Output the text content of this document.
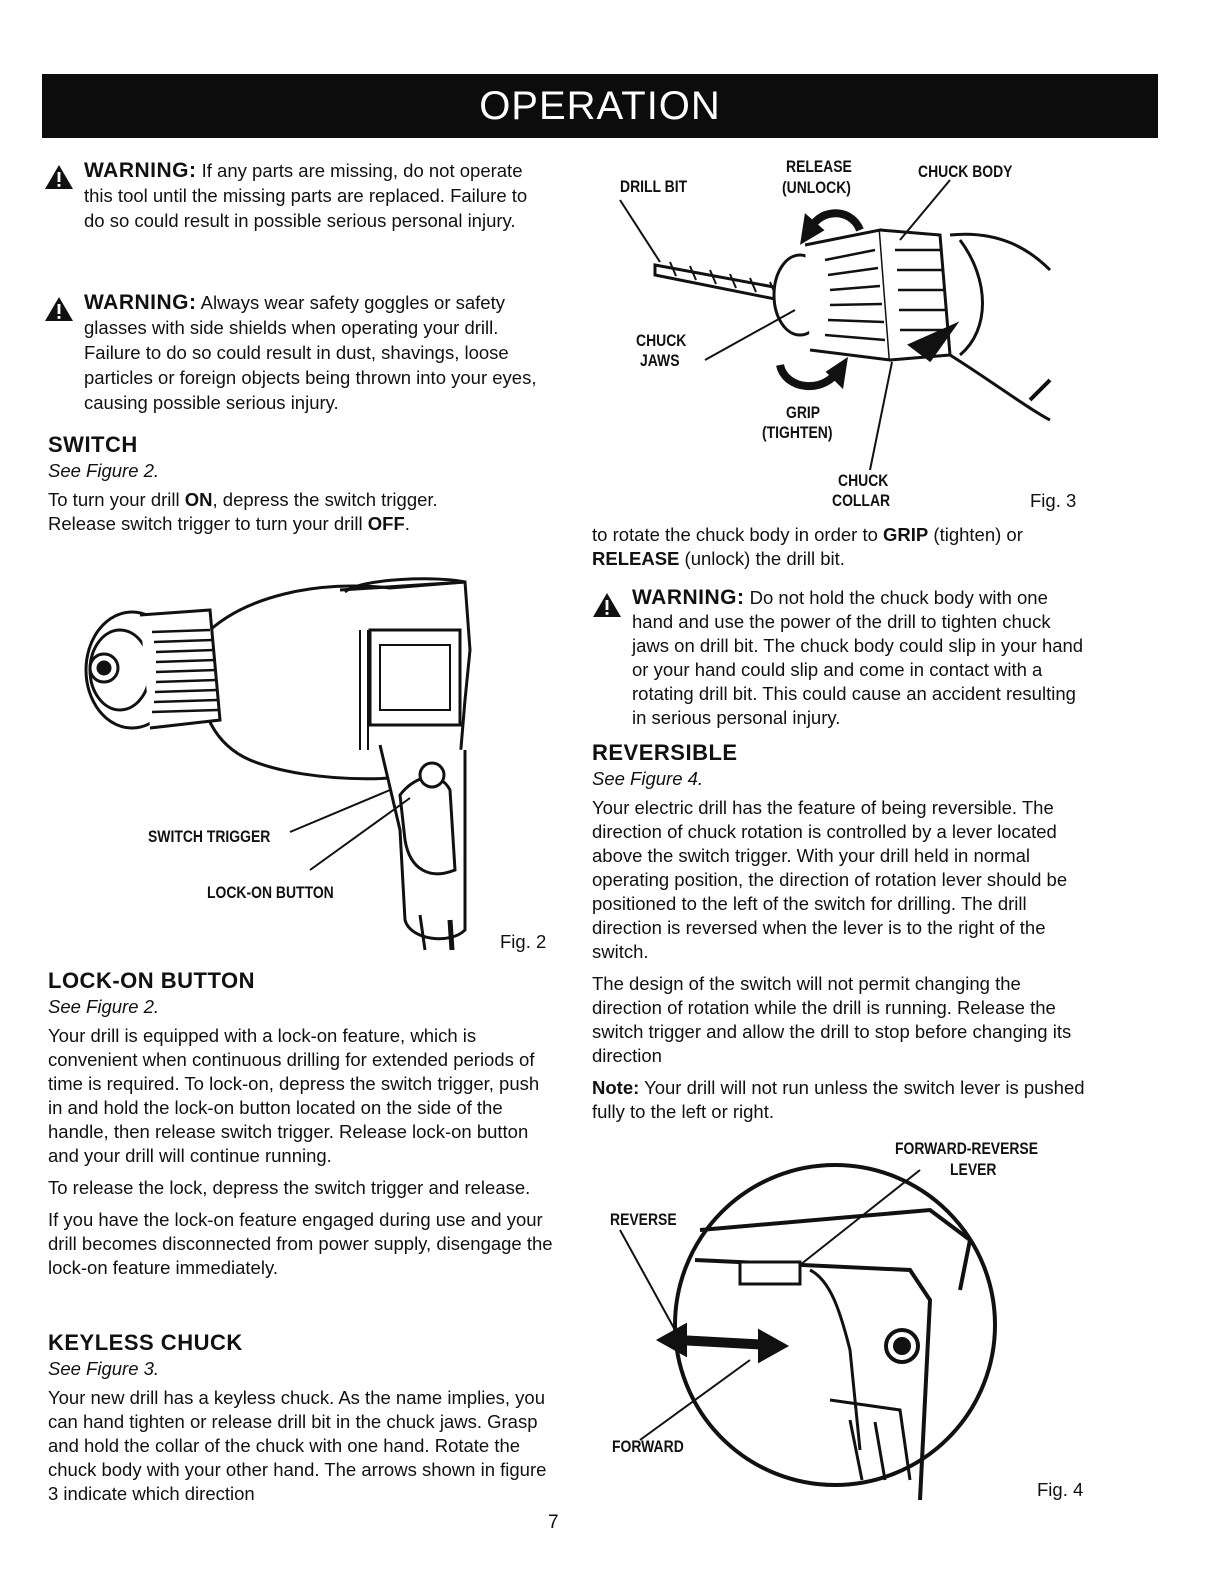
OPERATION

WARNING: If any parts are missing, do not operate this tool until the missing parts are replaced. Failure to do so could result in possible serious personal injury.

WARNING: Always wear safety goggles or safety glasses with side shields when operating your drill. Failure to do so could result in dust, shavings, loose particles or foreign objects being thrown into your eyes, causing possible serious injury.

SWITCH
See Figure 2.

To turn your drill ON, depress the switch trigger.
Release switch trigger to turn your drill OFF.

SWITCH TRIGGER
LOCK-ON BUTTON
Fig. 2
LOCK-ON BUTTON
See Figure 2.

Your drill is equipped with a lock-on feature, which is convenient when continuous drilling for extended periods of time is required. To lock-on, depress the switch trigger, push in and hold the lock-on button located on the side of the handle, then release switch trigger. Release lock-on button and your drill will continue running.

To release the lock, depress the switch trigger and release.

If you have the lock-on feature engaged during use and your drill becomes disconnected from power supply, disengage the lock-on feature immediately.

KEYLESS CHUCK
See Figure 3.

Your new drill has a keyless chuck. As the name implies, you can hand tighten or release drill bit in the chuck jaws. Grasp and hold the collar of the chuck with one hand. Rotate the chuck body with your other hand. The arrows shown in figure 3 indicate which direction

DRILL BIT
RELEASE
(UNLOCK)
CHUCK BODY
CHUCK
JAWS
GRIP
(TIGHTEN)
CHUCK
COLLAR	Fig. 3

to rotate the chuck body in order to GRIP (tighten) or RELEASE (unlock) the drill bit.

WARNING: Do not hold the chuck body with one hand and use the power of the drill to tighten chuck jaws on drill bit. The chuck body could slip in your hand or your hand could slip and come in contact with a rotating drill bit. This could cause an accident resulting in serious personal injury.

REVERSIBLE
See Figure 4.

Your electric drill has the feature of being reversible. The direction of chuck rotation is controlled by a lever located above the switch trigger. With your drill held in normal operating position, the direction of rotation lever should be positioned to the left of the switch for drilling. The drill direction is reversed when the lever is to the right of the switch.

The design of the switch will not permit changing the direction of rotation while the drill is running. Release the switch trigger and allow the drill to stop before changing its direction

Note: Your drill will not run unless the switch lever is pushed fully to the left or right.

FORWARD-REVERSE
LEVER
REVERSE
FORWARD
Fig. 4
7
